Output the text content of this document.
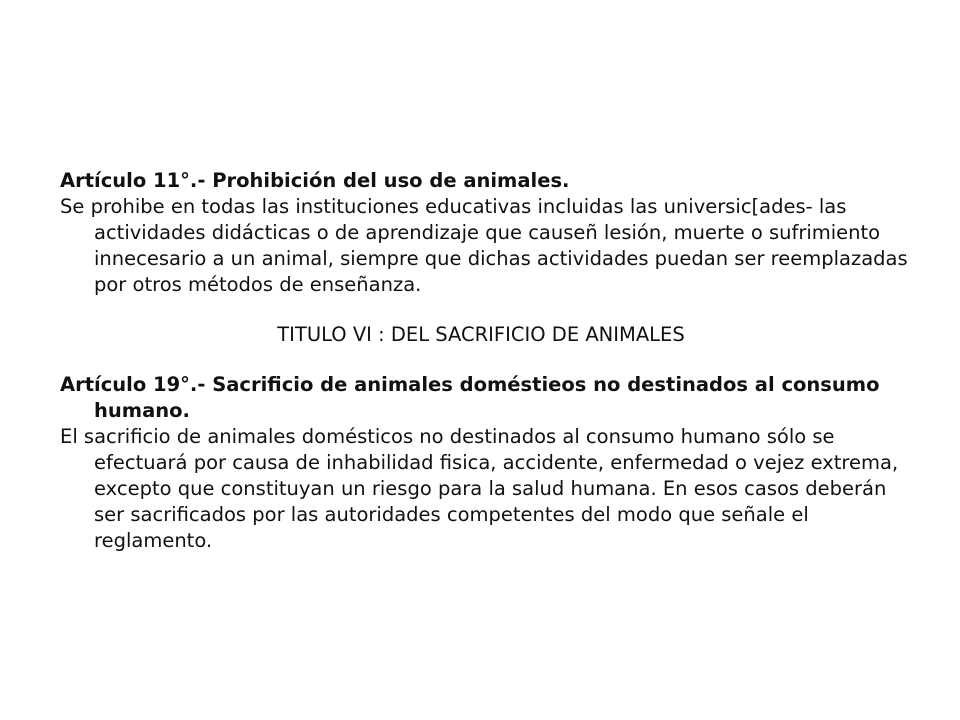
Artículo 11°.- Prohibición del uso de animales.

Se prohibe en todas las instituciones educativas incluidas las universic[ades- las actividades didácticas o de aprendizaje que causeñ lesión, muerte o sufrimiento innecesario a un animal, siempre que dichas actividades puedan ser reemplazadas por otros métodos de enseñanza.

TITULO VI : DEL SACRIFICIO DE ANIMALES

Artículo 19°.- Sacrificio de animales doméstieos no destinados al consumo humano.

El sacrificio de animales domésticos no destinados al consumo humano sólo se efectuará por causa de inhabilidad fisica, accidente, enfermedad o vejez extrema, excepto que constituyan un riesgo para la salud humana. En esos casos deberán ser sacrificados por las autoridades competentes del modo que señale el reglamento.
